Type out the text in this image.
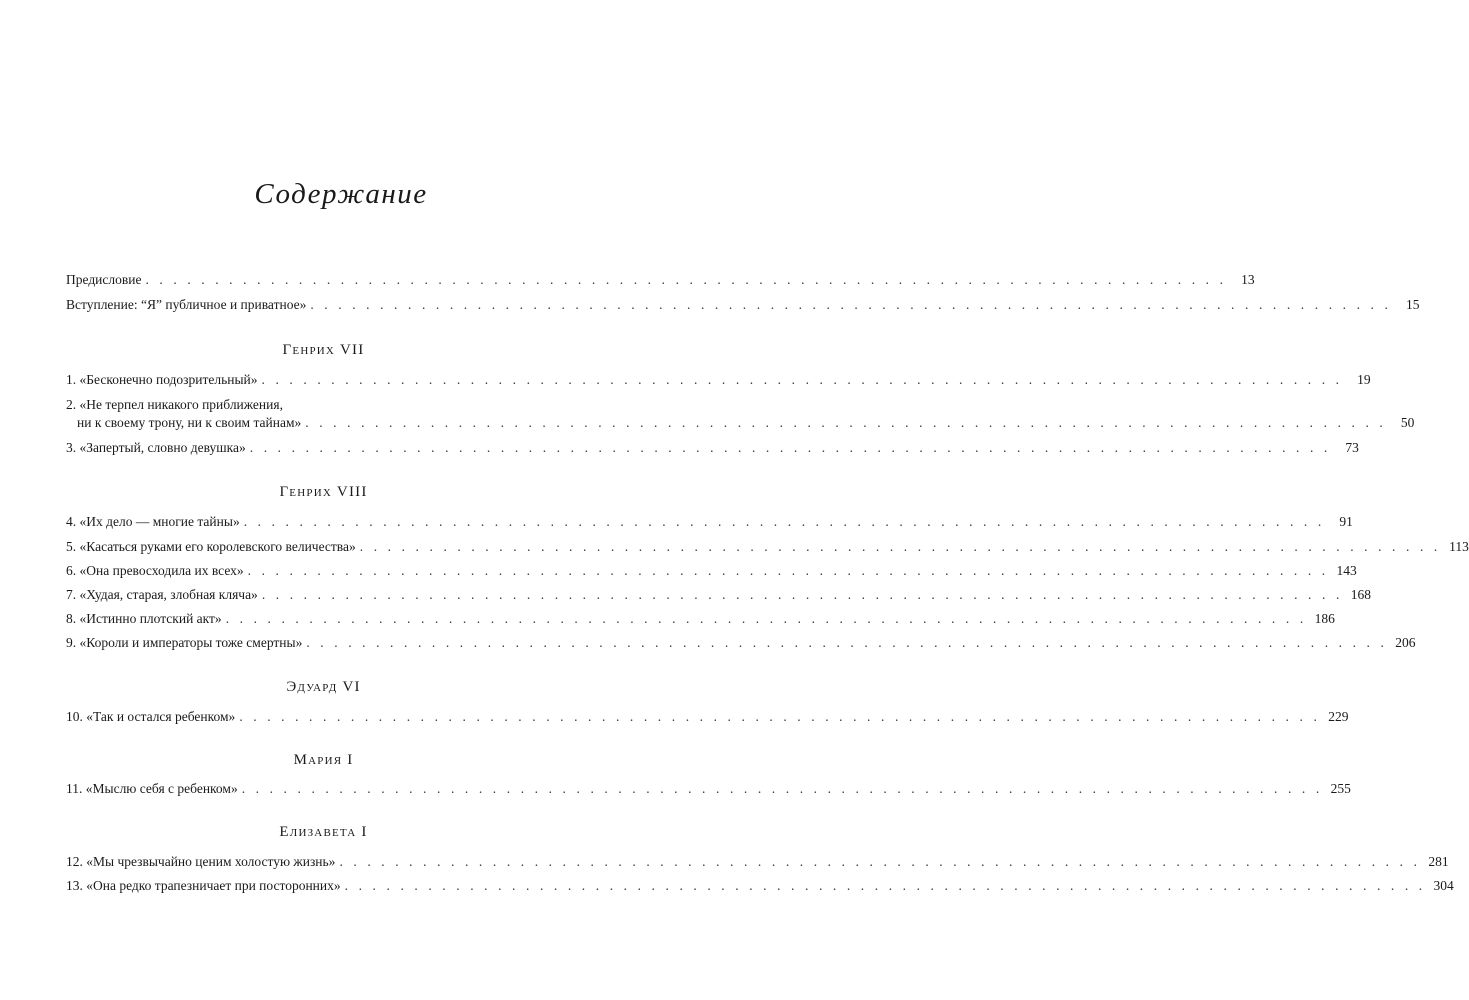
Содержание
Предисловие . . . . . . . . . . . . . . . . . . . . . . . . . . . . . . . . . . . . . . . . . . . . . . . . . . . . . . . . . . . . . . . . . . . . . . . . . . . . . .	13
Вступление: “Я” публичное и приватное» . . . . . . . . . . . . . . . . . . . . . . . . . . . . . . . . . . . . . . . . . . . . . . . . . . . . . . . . . . . . . . . . . . . . . . . . . . . . . .	15
Генрих VII
1. «Бесконечно подозрительный» . . . . . . . . . . . . . . . . . . . . . . . . . . . . . . . . . . . . . . . . . . . . . . . . . . . . . . . . . . . . . . . . . . . . . . . . . . . . . .	19
2. «Не терпел никакого приближения,
ни к своему трону, ни к своим тайнам» . . . . . . . . . . . . . . . . . . . . . . . . . . . . . . . . . . . . . . . . . . . . . . . . . . . . . . . . . . . . . . . . . . . . . . . . . . . . . .	50
3. «Запертый, словно девушка» . . . . . . . . . . . . . . . . . . . . . . . . . . . . . . . . . . . . . . . . . . . . . . . . . . . . . . . . . . . . . . . . . . . . . . . . . . . . . .	73
Генрих VIII
4. «Их дело — многие тайны» . . . . . . . . . . . . . . . . . . . . . . . . . . . . . . . . . . . . . . . . . . . . . . . . . . . . . . . . . . . . . . . . . . . . . . . . . . . . . .	91
5. «Касаться руками его королевского величества» . . . . . . . . . . . . . . . . . . . . . . . . . . . . . . . . . . . . . . . . . . . . . . . . . . . . . . . . . . . . . . . . . . . . . . . . . . . . . . 113
6. «Она превосходила их всех» . . . . . . . . . . . . . . . . . . . . . . . . . . . . . . . . . . . . . . . . . . . . . . . . . . . . . . . . . . . . . . . . . . . . . . . . . . . . . . 143
7. «Худая, старая, злобная кляча» . . . . . . . . . . . . . . . . . . . . . . . . . . . . . . . . . . . . . . . . . . . . . . . . . . . . . . . . . . . . . . . . . . . . . . . . . . . . . . 168
8. «Истинно плотский акт» . . . . . . . . . . . . . . . . . . . . . . . . . . . . . . . . . . . . . . . . . . . . . . . . . . . . . . . . . . . . . . . . . . . . . . . . . . . . . . 186
9. «Короли и императоры тоже смертны» . . . . . . . . . . . . . . . . . . . . . . . . . . . . . . . . . . . . . . . . . . . . . . . . . . . . . . . . . . . . . . . . . . . . . . . . . . . . . . 206
Эдуард VI
10. «Так и остался ребенком» . . . . . . . . . . . . . . . . . . . . . . . . . . . . . . . . . . . . . . . . . . . . . . . . . . . . . . . . . . . . . . . . . . . . . . . . . . . . . . 229
Мария I
11. «Мыслю себя с ребенком» . . . . . . . . . . . . . . . . . . . . . . . . . . . . . . . . . . . . . . . . . . . . . . . . . . . . . . . . . . . . . . . . . . . . . . . . . . . . . . 255
Елизавета I
12. «Мы чрезвычайно ценим холостую жизнь» . . . . . . . . . . . . . . . . . . . . . . . . . . . . . . . . . . . . . . . . . . . . . . . . . . . . . . . . . . . . . . . . . . . . . . . . . . . . . . 281
13. «Она редко трапезничает при посторонних» . . . . . . . . . . . . . . . . . . . . . . . . . . . . . . . . . . . . . . . . . . . . . . . . . . . . . . . . . . . . . . . . . . . . . . . . . . . . . . 304
